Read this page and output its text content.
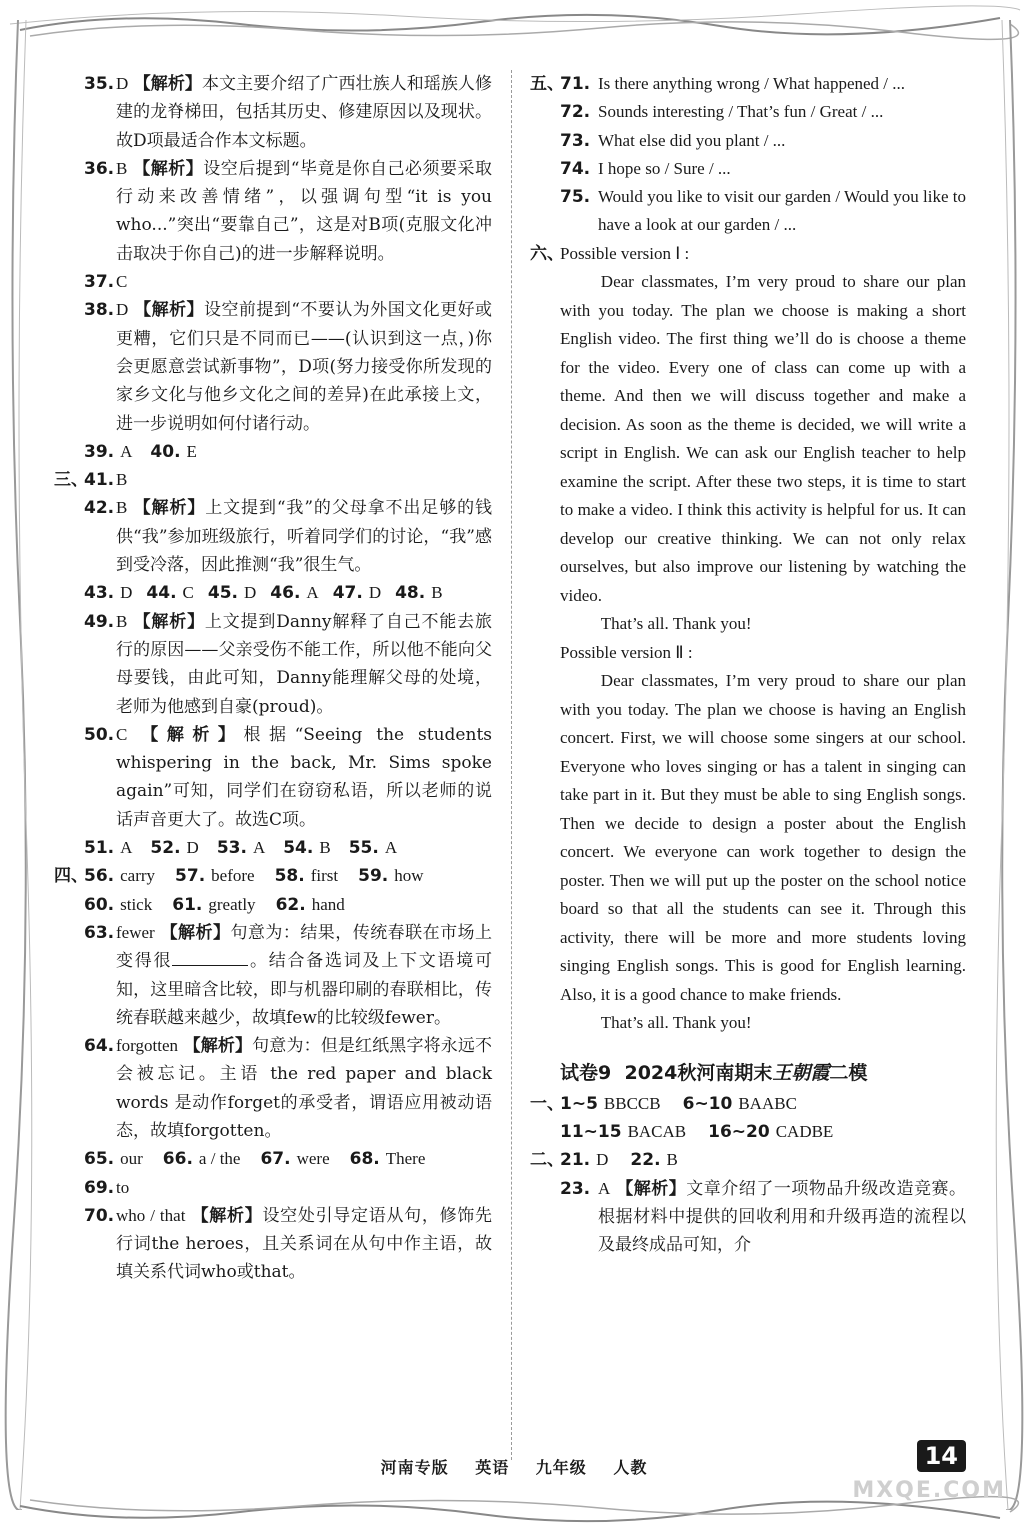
35. D 【解析】本文主要介绍了广西壮族人和瑶族人修建的龙脊梯田，包括其历史、修建原因以及现状。故D项最适合作本文标题。
36. B 【解析】设空后提到“毕竟是你自己必须要采取行动来改善情绪”，以强调句型“it is you who...”突出“要靠自己”，这是对B项(克服文化冲击取决于你自己)的进一步解释说明。
37. C
38. D 【解析】设空前提到“不要认为外国文化更好或更糟，它们只是不同而已——(认识到这一点，)你会更愿意尝试新事物”，D项(努力接受你所发现的家乡文化与他乡文化之间的差异)在此承接上文，进一步说明如何付诸行动。
39. A 40. E
三、
41. B
42. B 【解析】上文提到“我”的父母拿不出足够的钱供“我”参加班级旅行，听着同学们的讨论，“我”感到受冷落，因此推测“我”很生气。
43. D 44. C 45. D 46. A 47. D 48. B
49. B 【解析】上文提到Danny解释了自己不能去旅行的原因——父亲受伤不能工作，所以他不能向父母要钱，由此可知，Danny能理解父母的处境，老师为他感到自豪(proud)。
50. C 【解析】根据“Seeing the students whispering in the back, Mr. Sims spoke again”可知，同学们在窃窃私语，所以老师的说话声音更大了。故选C项。
51. A 52. D 53. A 54. B 55. A
四、
56. carry 57. before 58. first 59. how
60. stick 61. greatly 62. hand
63. fewer 【解析】句意为：结果，传统春联在市场上变得很	。结合备选词及上下文语境可知，这里暗含比较，即与机器印刷的春联相比，传统春联越来越少，故填few的比较级fewer。
64. forgotten 【解析】句意为：但是红纸黑字将永远不会被忘记。主语 the red paper and black words 是动作forget的承受者，谓语应用被动语态，故填forgotten。
65. our 66. a / the 67. were 68. There
69. to
70. who / that 【解析】设空处引导定语从句，修饰先行词the heroes，且关系词在从句中作主语，故填关系代词who或that。
五、
71. Is there anything wrong / What happened / ...
72. Sounds interesting / That’s fun / Great / ...
73. What else did you plant / ...
74. I hope so / Sure / ...
75. Would you like to visit our garden / Would you like to have a look at our garden / ...
六、
Possible version Ⅰ :

Dear classmates, I’m very proud to share our plan with you today. The plan we choose is making a short English video. The first thing we’ll do is choose a theme for the video. Every one of class can come up with a theme. And then we will discuss together and make a decision. As soon as the theme is decided, we will write a script in English. We can ask our English teacher to help examine the script. After these two steps, it is time to start to make a video. I think this activity is helpful for us. It can develop our creative thinking. We can not only relax ourselves, but also improve our listening by watching the video.

That’s all. Thank you!

Possible version Ⅱ :

Dear classmates, I’m very proud to share our plan with you today. The plan we choose is having an English concert. First, we will choose some singers at our school. Everyone who loves singing or has a talent in singing can take part in it. But they must be able to sing English songs. Then we decide to design a poster about the English concert. We everyone can work together to design the poster. Then we will put up the poster on the school notice board so that all the students can see it. Through this activity, there will be more and more students loving singing English songs. This is good for English learning. Also, it is a good chance to make friends.

That’s all. Thank you!

试卷9 2024秋河南期末王朝霞二模
一、
1~5 BBCCB 6~10 BAABC
11~15 BACAB 16~20 CADBE
二、
21. D 22. B
23. A 【解析】文章介绍了一项物品升级改造竞赛。根据材料中提供的回收利用和升级再造的流程以及最终成品可知，介
河南专版 英语 九年级 人教	14
MXQE.COM
